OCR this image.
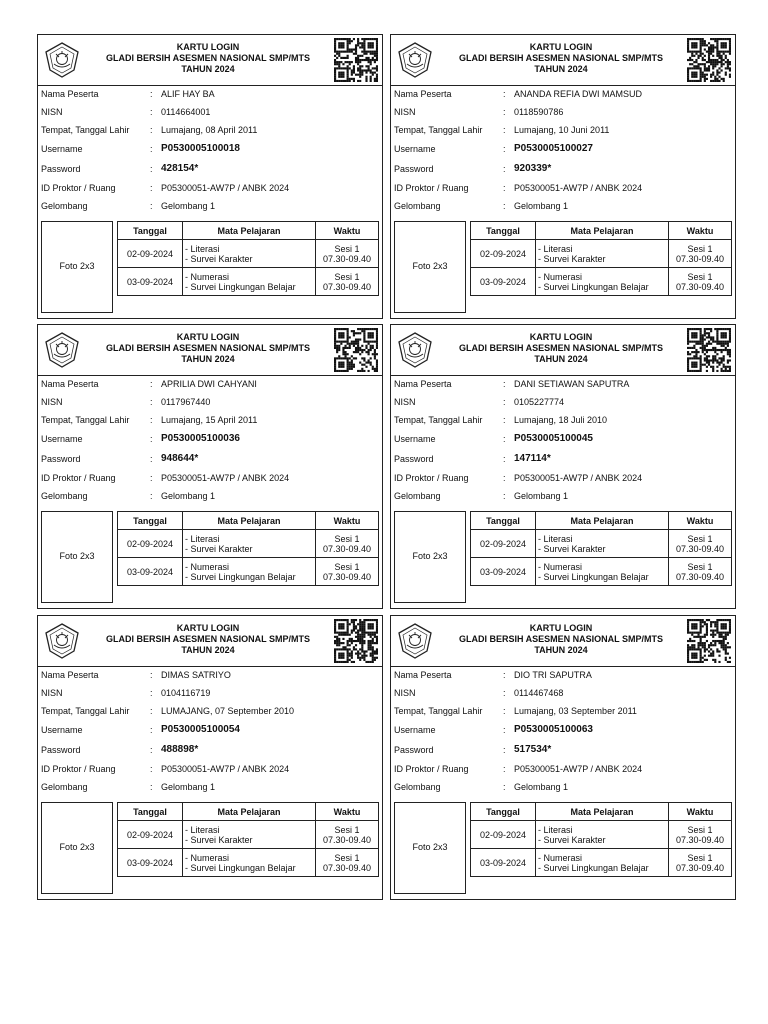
KARTU LOGIN
GLADI BERSIH ASESMEN NASIONAL SMP/MTS
TAHUN 2024
Nama Peserta	: ALIF HAY BA
NISN	: 0114664001
Tempat, Tanggal Lahir : Lumajang, 08 April 2011
Username	: P0530005100018
Password	: 428154*
ID Proktor / Ruang	: P05300051-AW7P / ANBK 2024
Gelombang	: Gelombang 1
Foto 2x3
Tanggal	Mata Pelajaran	Waktu
02-09-2024	- Literasi
- Survei Karakter	Sesi 1
07.30-09.40

03-09-2024	- Numerasi
- Survei Lingkungan Belajar	Sesi 1
07.30-09.40
KARTU LOGIN
GLADI BERSIH ASESMEN NASIONAL SMP/MTS
TAHUN 2024
Nama Peserta	: ANANDA REFIA DWI MAMSUD
NISN	: 0118590786
Tempat, Tanggal Lahir : Lumajang, 10 Juni 2011
Username	: P0530005100027
Password	: 920339*
ID Proktor / Ruang	: P05300051-AW7P / ANBK 2024
Gelombang	: Gelombang 1
Foto 2x3
Tanggal	Mata Pelajaran	Waktu
02-09-2024	- Literasi
- Survei Karakter	Sesi 1
07.30-09.40

03-09-2024	- Numerasi
- Survei Lingkungan Belajar	Sesi 1
07.30-09.40
KARTU LOGIN
GLADI BERSIH ASESMEN NASIONAL SMP/MTS
TAHUN 2024
Nama Peserta	: APRILIA DWI CAHYANI
NISN	: 0117967440
Tempat, Tanggal Lahir : Lumajang, 15 April 2011
Username	: P0530005100036
Password	: 948644*
ID Proktor / Ruang	: P05300051-AW7P / ANBK 2024
Gelombang	: Gelombang 1
Foto 2x3
Tanggal	Mata Pelajaran	Waktu
02-09-2024	- Literasi
- Survei Karakter	Sesi 1
07.30-09.40

03-09-2024	- Numerasi
- Survei Lingkungan Belajar	Sesi 1
07.30-09.40
KARTU LOGIN
GLADI BERSIH ASESMEN NASIONAL SMP/MTS
TAHUN 2024
Nama Peserta	: DANI SETIAWAN SAPUTRA
NISN	: 0105227774
Tempat, Tanggal Lahir : Lumajang, 18 Juli 2010
Username	: P0530005100045
Password	: 147114*
ID Proktor / Ruang	: P05300051-AW7P / ANBK 2024
Gelombang	: Gelombang 1
Foto 2x3
Tanggal	Mata Pelajaran	Waktu
02-09-2024	- Literasi
- Survei Karakter	Sesi 1
07.30-09.40

03-09-2024	- Numerasi
- Survei Lingkungan Belajar	Sesi 1
07.30-09.40
KARTU LOGIN
GLADI BERSIH ASESMEN NASIONAL SMP/MTS
TAHUN 2024
Nama Peserta	: DIMAS SATRIYO
NISN	: 0104116719
Tempat, Tanggal Lahir : LUMAJANG, 07 September 2010
Username	: P0530005100054
Password	: 488898*
ID Proktor / Ruang	: P05300051-AW7P / ANBK 2024
Gelombang	: Gelombang 1
Foto 2x3
Tanggal	Mata Pelajaran	Waktu
02-09-2024	- Literasi
- Survei Karakter	Sesi 1
07.30-09.40

03-09-2024	- Numerasi
- Survei Lingkungan Belajar	Sesi 1
07.30-09.40
KARTU LOGIN
GLADI BERSIH ASESMEN NASIONAL SMP/MTS
TAHUN 2024
Nama Peserta	: DIO TRI SAPUTRA
NISN	: 0114467468
Tempat, Tanggal Lahir : Lumajang, 03 September 2011
Username	: P0530005100063
Password	: 517534*
ID Proktor / Ruang	: P05300051-AW7P / ANBK 2024
Gelombang	: Gelombang 1
Foto 2x3
Tanggal	Mata Pelajaran	Waktu
02-09-2024	- Literasi
- Survei Karakter	Sesi 1
07.30-09.40

03-09-2024	- Numerasi
- Survei Lingkungan Belajar	Sesi 1
07.30-09.40
